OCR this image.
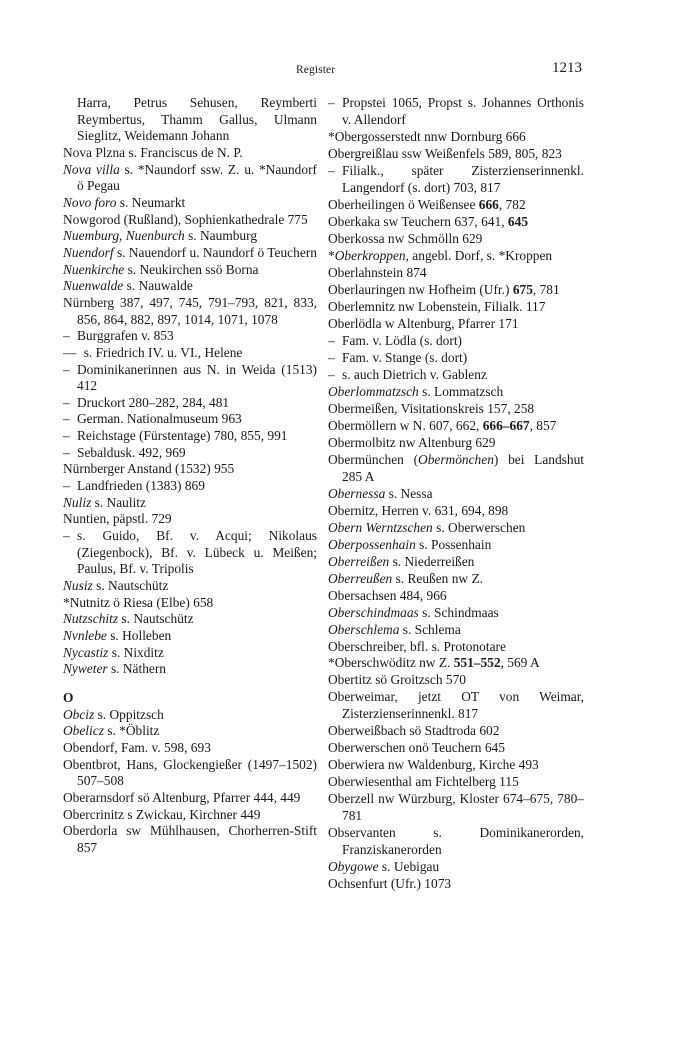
Register	1213
Harra, Petrus Sehusen, Reymberti Reymbertus, Thamm Gallus, Ulmann Sieglitz, Weidemann Johann
Nova Plzna s. Franciscus de N. P.
Nova villa s. *Naundorf ssw. Z. u. *Naundorf ö Pegau
Novo foro s. Neumarkt
Nowgorod (Rußland), Sophienkathedrale 775
Nuemburg, Nuenburch s. Naumburg
Nuendorf s. Nauendorf u. Naundorf ö Teuchern
Nuenkirche s. Neukirchen ssö Borna
Nuenwalde s. Nauwalde
Nürnberg 387, 497, 745, 791–793, 821, 833, 856, 864, 882, 897, 1014, 1071, 1078
– Burggrafen v. 853
–– s. Friedrich IV. u. VI., Helene
– Dominikanerinnen aus N. in Weida (1513) 412
– Druckort 280–282, 284, 481
– German. Nationalmuseum 963
– Reichstage (Fürstentage) 780, 855, 991
– Sebaldusk. 492, 969
Nürnberger Anstand (1532) 955
– Landfrieden (1383) 869
Nuliz s. Naulitz
Nuntien, päpstl. 729
– s. Guido, Bf. v. Acqui; Nikolaus (Ziegenbock), Bf. v. Lübeck u. Meißen; Paulus, Bf. v. Tripolis
Nusiz s. Nautschütz
*Nutnitz ö Riesa (Elbe) 658
Nutzschitz s. Nautschütz
Nvnlebe s. Holleben
Nycastiz s. Nixditz
Nyweter s. Näthern
O
Obciz s. Oppitzsch
Obelicz s. *Öblitz
Obendorf, Fam. v. 598, 693
Obentbrot, Hans, Glockengießer (1497–1502) 507–508
Oberarnsdorf sö Altenburg, Pfarrer 444, 449
Obercrinitz s Zwickau, Kirchner 449
Oberdorla sw Mühlhausen, Chorherren-Stift 857
– Propstei 1065, Propst s. Johannes Orthonis v. Allendorf
*Obergosserstedt nnw Dornburg 666
Obergreißlau ssw Weißenfels 589, 805, 823
– Filialk., später Zisterzienserinnenkl. Langendorf (s. dort) 703, 817
Oberheilingen ö Weißensee 666, 782
Oberkaka sw Teuchern 637, 641, 645
Oberkossa nw Schmölln 629
*Oberkroppen, angebl. Dorf, s. *Kroppen
Oberlahnstein 874
Oberlauringen nw Hofheim (Ufr.) 675, 781
Oberlemnitz nw Lobenstein, Filialk. 117
Oberlödla w Altenburg, Pfarrer 171
– Fam. v. Lödla (s. dort)
– Fam. v. Stange (s. dort)
– s. auch Dietrich v. Gablenz
Oberlommatzsch s. Lommatzsch
Obermeißen, Visitationskreis 157, 258
Obermöllern w N. 607, 662, 666–667, 857
Obermolbitz nw Altenburg 629
Obermünchen (Obermönchen) bei Landshut 285 A
Obernessa s. Nessa
Obernitz, Herren v. 631, 694, 898
Obern Werntzschen s. Oberwerschen
Oberpossenhain s. Possenhain
Oberreißen s. Niederreißen
Oberreußen s. Reußen nw Z.
Obersachsen 484, 966
Oberschindmaas s. Schindmaas
Oberschlema s. Schlema
Oberschreiber, bfl. s. Protonotare
*Oberschwöditz nw Z. 551–552, 569 A
Obertitz sö Groitzsch 570
Oberweimar, jetzt OT von Weimar, Zisterzienserinnenkl. 817
Oberweißbach sö Stadtroda 602
Oberwerschen onö Teuchern 645
Oberwiera nw Waldenburg, Kirche 493
Oberwiesenthal am Fichtelberg 115
Oberzell nw Würzburg, Kloster 674–675, 780–781
Observanten s. Dominikanerorden, Franziskanerorden
Obygowe s. Uebigau
Ochsenfurt (Ufr.) 1073
